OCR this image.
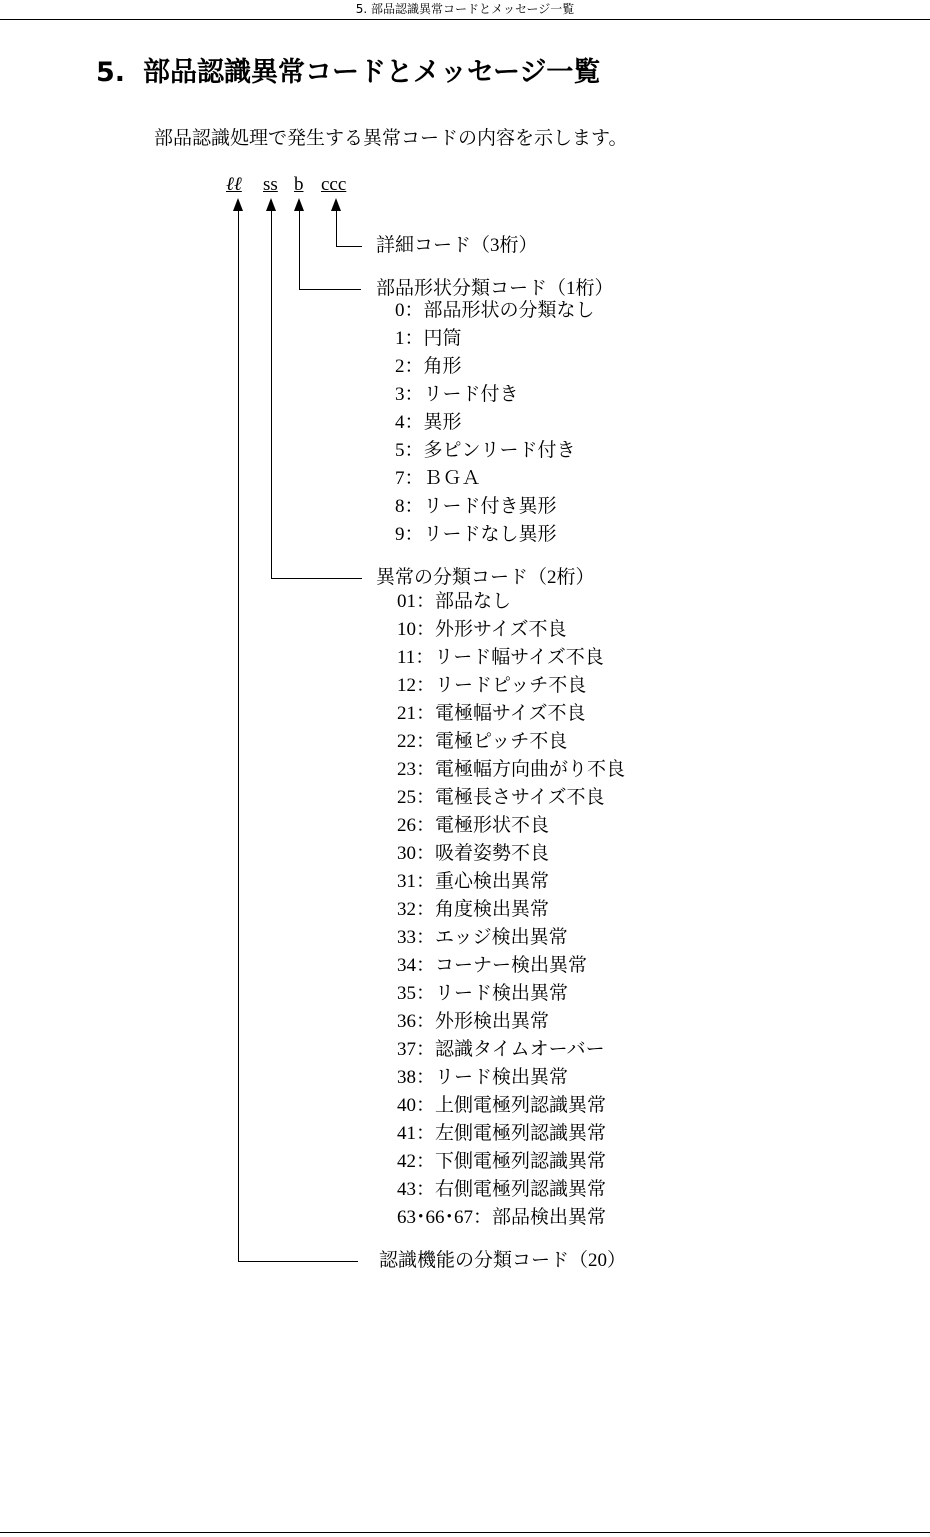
5. 部品認識異常コードとメッセージ一覧
5. 部品認識異常コードとメッセージ一覧
部品認識処理で発生する異常コードの内容を示します。
ℓℓ ss b ccc
詳細コード（3桁）
部品形状分類コード（1桁）
0：部品形状の分類なし
1：円筒
2：角形
3：リード付き
4：異形
5：多ピンリード付き
7：ＢＧＡ
8：リード付き異形
9：リードなし異形
異常の分類コード（2桁）
01：部品なし
10：外形サイズ不良
11：リード幅サイズ不良
12：リードピッチ不良
21：電極幅サイズ不良
22：電極ピッチ不良
23：電極幅方向曲がり不良
25：電極長さサイズ不良
26：電極形状不良
30：吸着姿勢不良
31：重心検出異常
32：角度検出異常
33：エッジ検出異常
34：コーナー検出異常
35：リード検出異常
36：外形検出異常
37：認識タイムオーバー
38：リード検出異常
40：上側電極列認識異常
41：左側電極列認識異常
42：下側電極列認識異常
43：右側電極列認識異常
63･66･67：部品検出異常
認識機能の分類コード（20）
